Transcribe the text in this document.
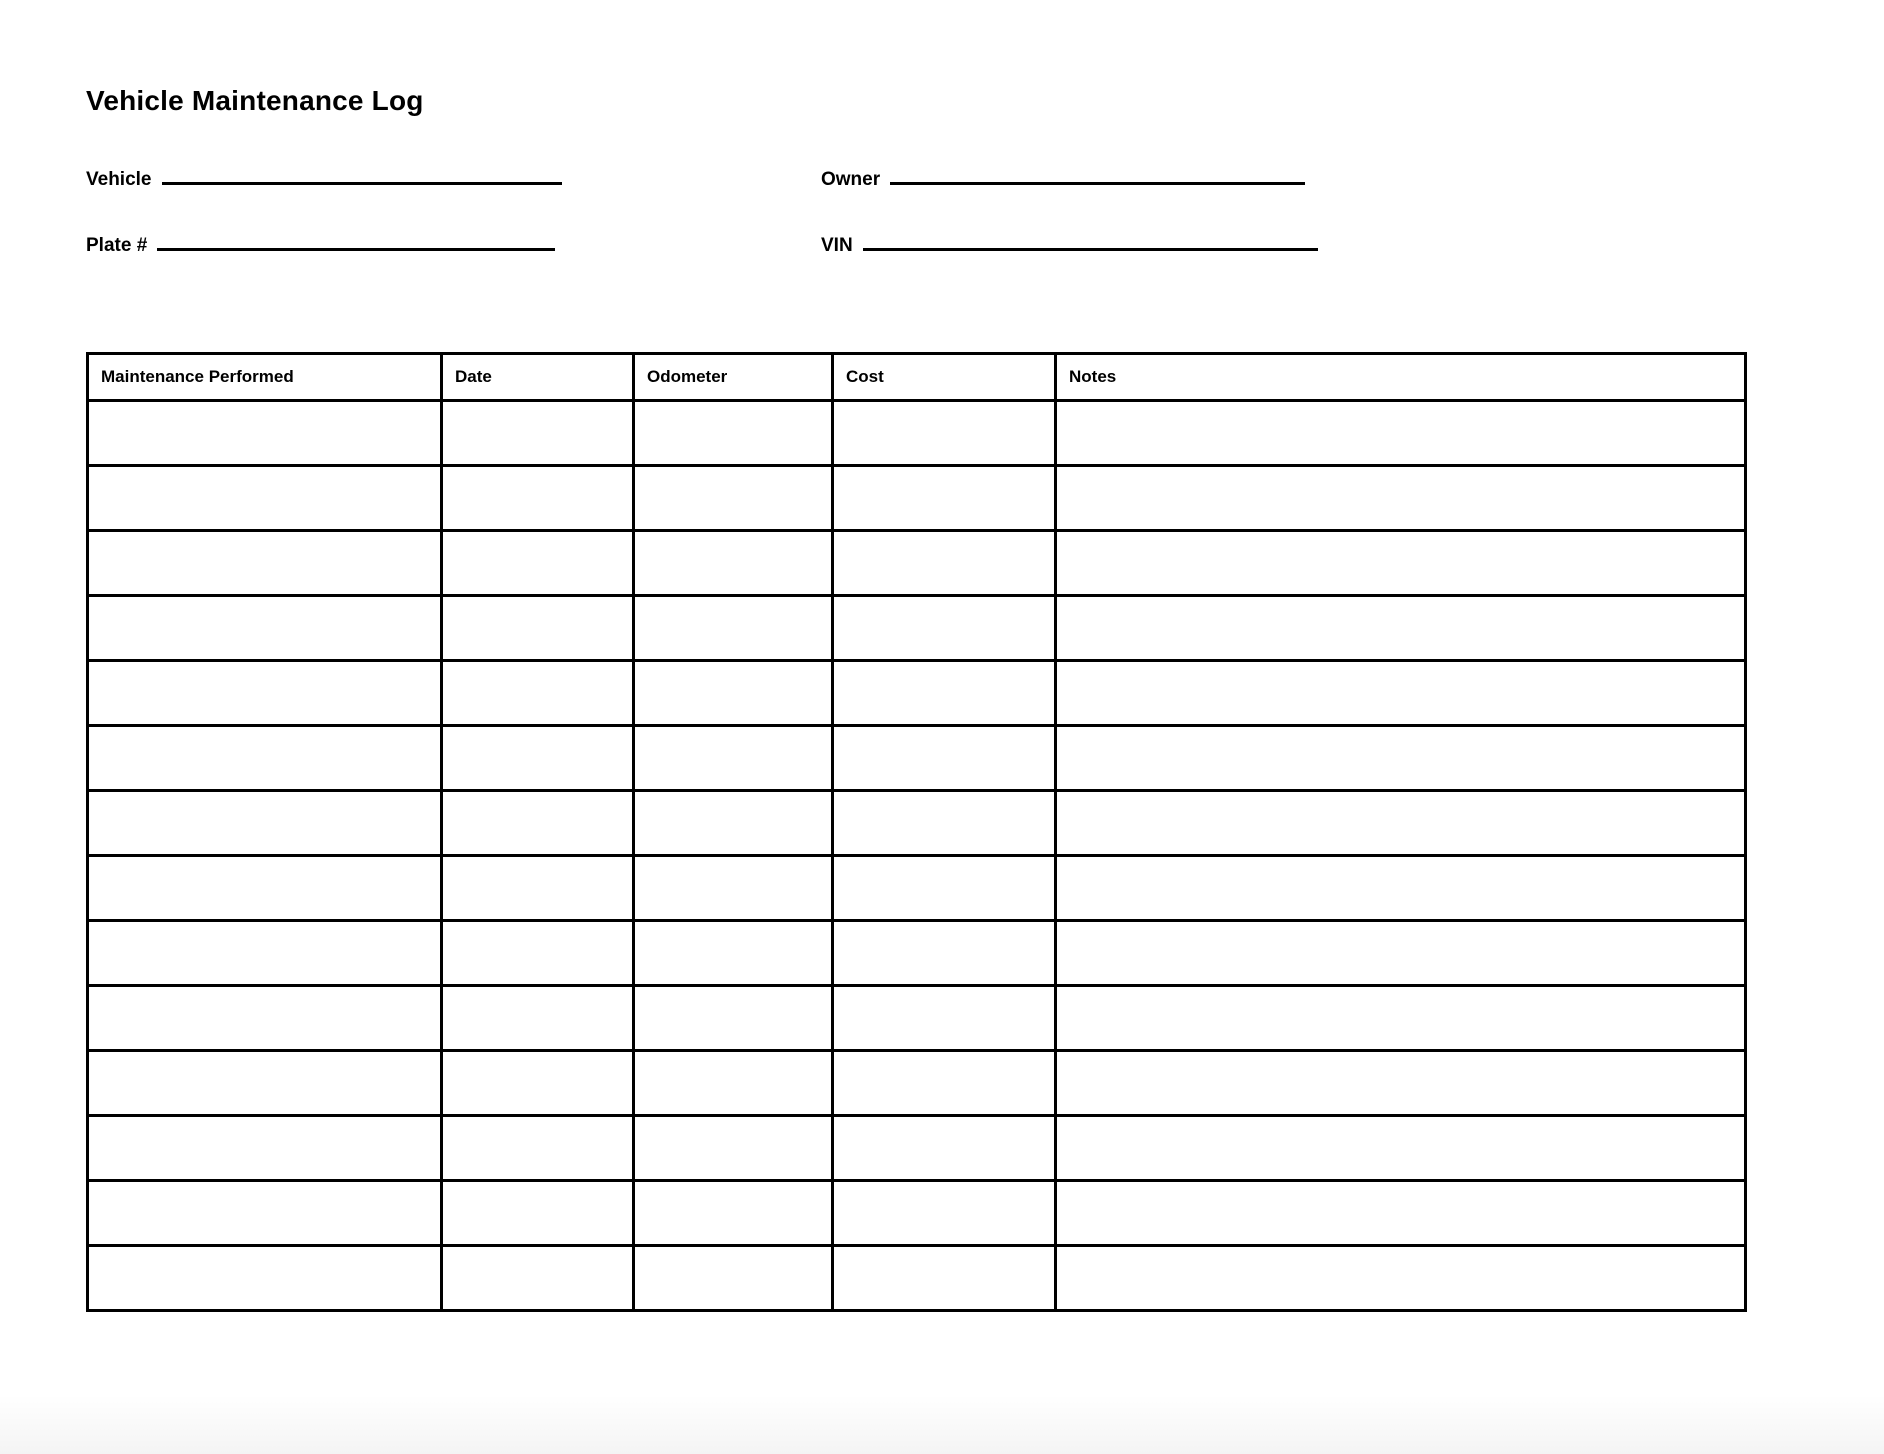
Vehicle Maintenance Log
Vehicle	Owner
Plate #	VIN
Maintenance Performed	Date	Odometer	Cost	Notes
